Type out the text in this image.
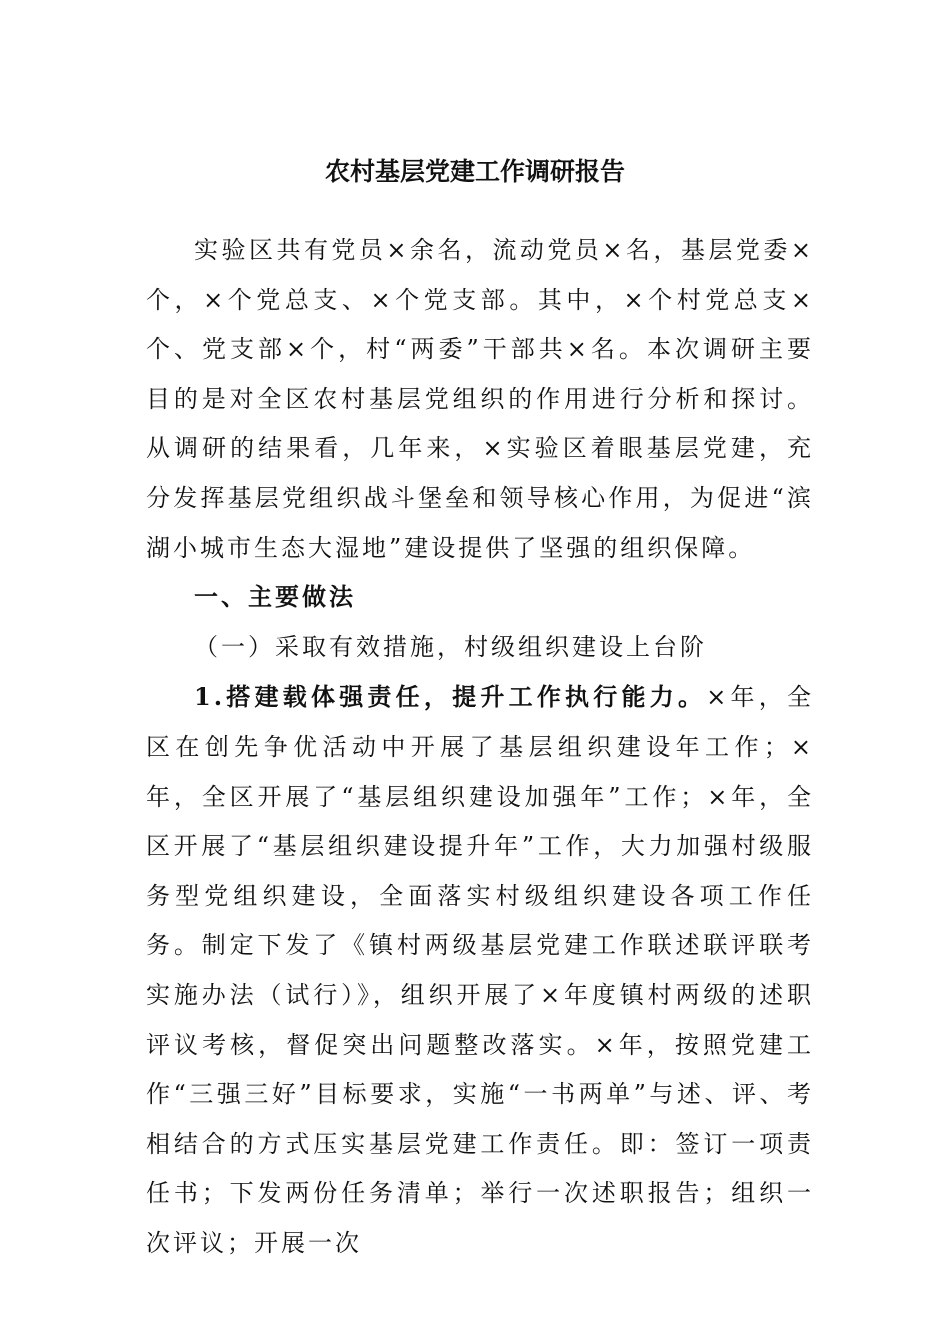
农村基层党建工作调研报告

实验区共有党员×余名，流动党员×名，基层党委×个，×个党总支、×个党支部。其中，×个村党总支×个、党支部×个，村“两委”干部共×名。本次调研主要目的是对全区农村基层党组织的作用进行分析和探讨。从调研的结果看，几年来，×实验区着眼基层党建，充分发挥基层党组织战斗堡垒和领导核心作用，为促进“滨湖小城市生态大湿地”建设提供了坚强的组织保障。

一、主要做法

（一）采取有效措施，村级组织建设上台阶

1.搭建载体强责任，提升工作执行能力。×年，全区在创先争优活动中开展了基层组织建设年工作；×年，全区开展了“基层组织建设加强年”工作；×年，全区开展了“基层组织建设提升年”工作，大力加强村级服务型党组织建设，全面落实村级组织建设各项工作任务。制定下发了《镇村两级基层党建工作联述联评联考实施办法（试行）》，组织开展了×年度镇村两级的述职评议考核，督促突出问题整改落实。×年，按照党建工作“三强三好”目标要求，实施“一书两单”与述、评、考相结合的方式压实基层党建工作责任。即：签订一项责任书；下发两份任务清单；举行一次述职报告；组织一次评议；开展一次
